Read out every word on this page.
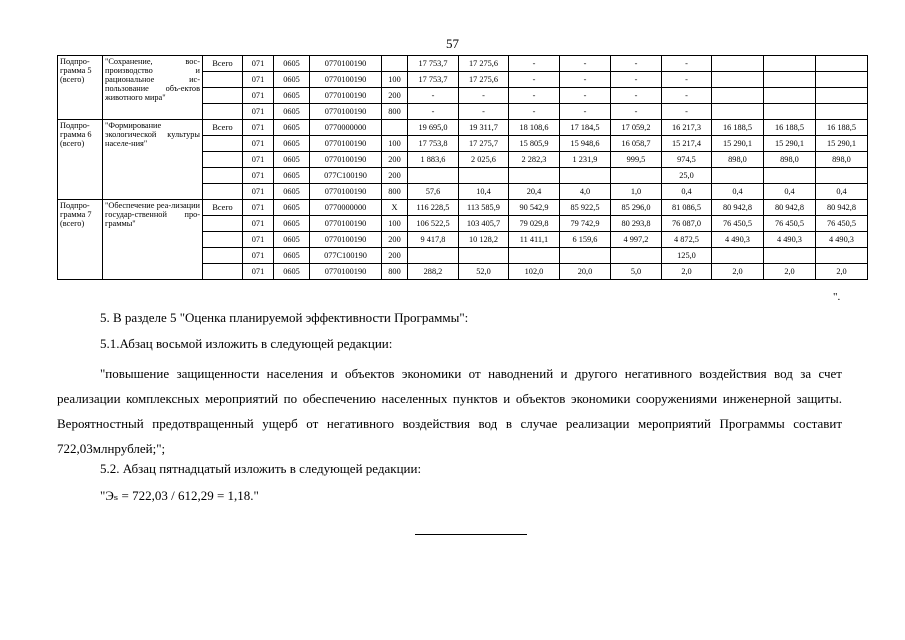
57
Подпро-грамма 5 (всего)	"Сохранение, вос-производство и рациональное ис-пользование объ-ектов животного мира"	Всего	071	0605	0770100190		17 753,7	17 275,6	-	-	-	-			
			071	0605	0770100190	100	17 753,7	17 275,6	-	-	-	-			
			071	0605	0770100190	200	-	-	-	-	-	-			
			071	0605	0770100190	800	-	-	-	-	-	-			
Подпро-грамма 6 (всего)	"Формирование экологической культуры населе-ния"	Всего	071	0605	0770000000		19 695,0	19 311,7	18 108,6	17 184,5	17 059,2	16 217,3	16 188,5	16 188,5	16 188,5
			071	0605	0770100190	100	17 753,8	17 275,7	15 805,9	15 948,6	16 058,7	15 217,4	15 290,1	15 290,1	15 290,1
			071	0605	0770100190	200	1 883,6	2 025,6	2 282,3	1 231,9	999,5	974,5	898,0	898,0	898,0
			071	0605	077C100190	200						25,0			
			071	0605	0770100190	800	57,6	10,4	20,4	4,0	1,0	0,4	0,4	0,4	0,4
Подпро-грамма 7 (всего)	"Обеспечение реа-лизации государ-ственной про-граммы"	Всего	071	0605	0770000000	Х	116 228,5	113 585,9	90 542,9	85 922,5	85 296,0	81 086,5	80 942,8	80 942,8	80 942,8
			071	0605	0770100190	100	106 522,5	103 405,7	79 029,8	79 742,9	80 293,8	76 087,0	76 450,5	76 450,5	76 450,5
			071	0605	0770100190	200	9 417,8	10 128,2	11 411,1	6 159,6	4 997,2	4 872,5	4 490,3	4 490,3	4 490,3
			071	0605	077C100190	200						125,0			
			071	0605	0770100190	800	288,2	52,0	102,0	20,0	5,0	2,0	2,0	2,0	2,0
".
5. В разделе 5 "Оценка планируемой эффективности Программы":
5.1.Абзац восьмой изложить в следующей редакции:
"повышение защищенности населения и объектов экономики от наводнений и другого негативного воздействия вод за счет реализации комплексных мероприятий по обеспечению населенных пунктов и объектов экономики сооружениями инженерной защиты. Вероятностный предотвращенный ущерб от негативного воздействия вод в случае реализации мероприятий Программы составит 722,03млнрублей;";
5.2. Абзац пятнадцатый изложить в следующей редакции:
"Эₛ = 722,03 / 612,29 = 1,18."
